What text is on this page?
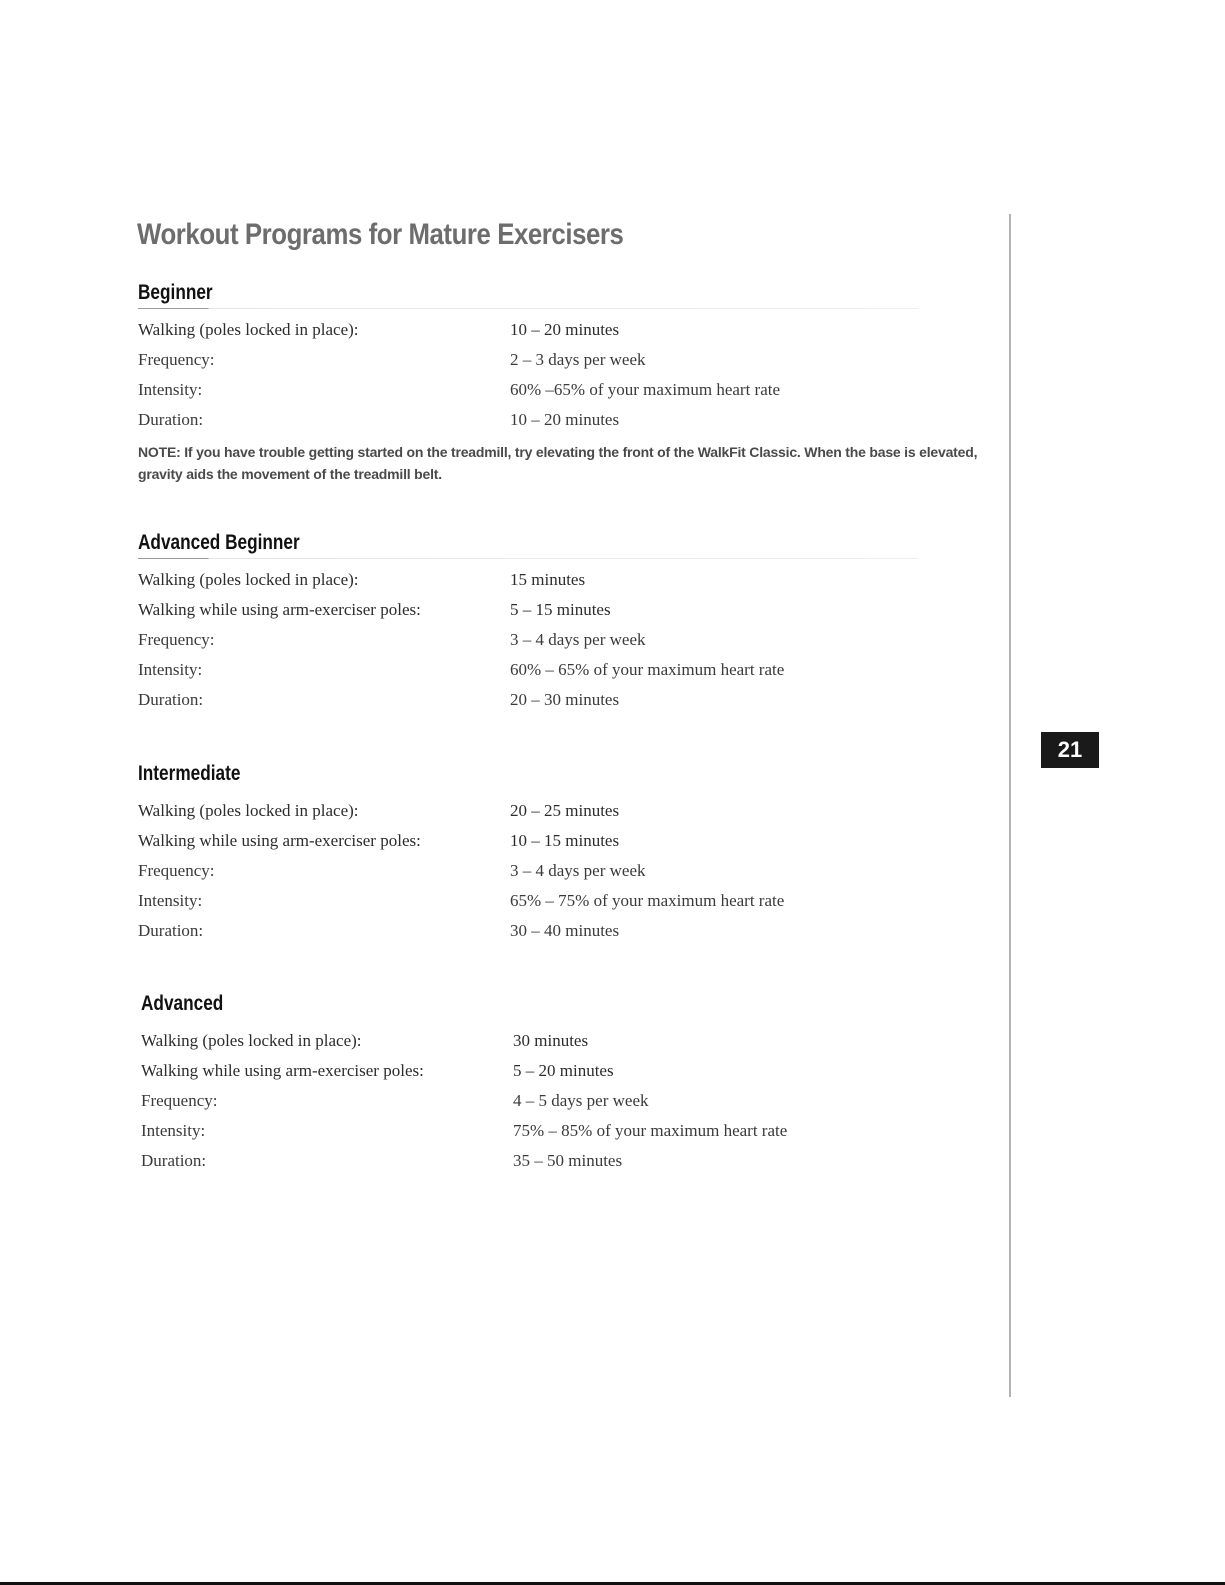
Workout Programs for Mature Exercisers
Beginner
Walking (poles locked in place):	10 – 20 minutes
Frequency:	2 – 3 days per week
Intensity:	60% –65% of your maximum heart rate
Duration:	10 – 20 minutes
NOTE: If you have trouble getting started on the treadmill, try elevating the front of the WalkFit Classic. When the base is elevated, gravity aids the movement of the treadmill belt.
Advanced Beginner
Walking (poles locked in place):	15 minutes
Walking while using arm-exerciser poles:	5 – 15 minutes
Frequency:	3 – 4 days per week
Intensity:	60% – 65% of your maximum heart rate
Duration:	20 – 30 minutes
Intermediate
Walking (poles locked in place):	20 – 25 minutes
Walking while using arm-exerciser poles:	10 – 15 minutes
Frequency:	3 – 4 days per week
Intensity:	65% – 75% of your maximum heart rate
Duration:	30 – 40 minutes
Advanced
Walking (poles locked in place):	30 minutes
Walking while using arm-exerciser poles:	5 – 20 minutes
Frequency:	4 – 5 days per week
Intensity:	75% – 85% of your maximum heart rate
Duration:	35 – 50 minutes
21
